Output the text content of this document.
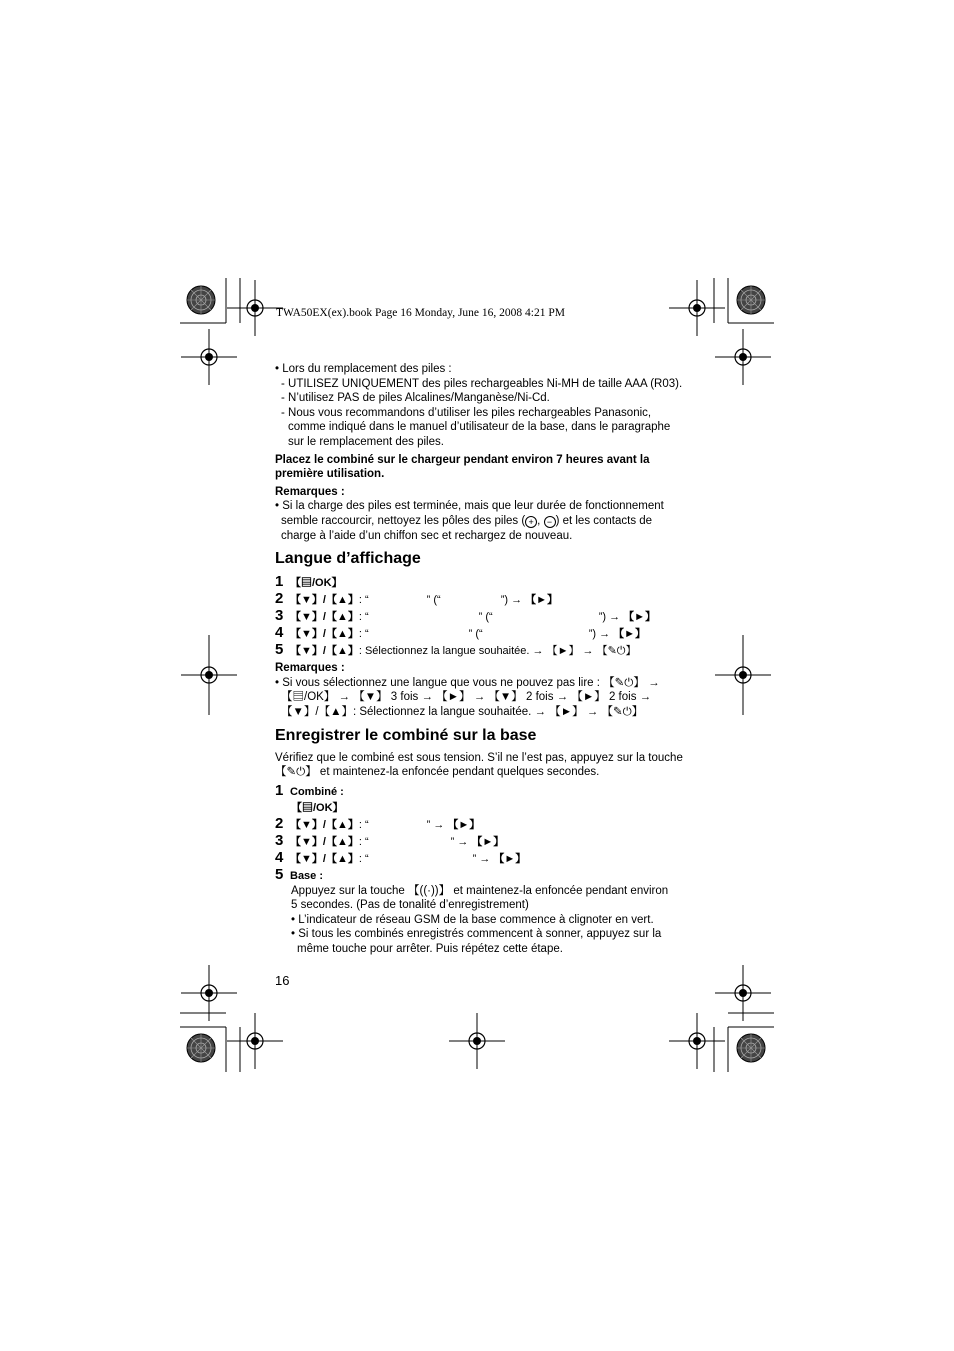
TWA50EX(ex).book Page 16 Monday, June 16, 2008 4:21 PM
• Lors du remplacement des piles :
- UTILISEZ UNIQUEMENT des piles rechargeables Ni-MH de taille AAA (R03).
- N’utilisez PAS de piles Alcalines/Manganèse/Ni-Cd.
- Nous vous recommandons d’utiliser les piles rechargeables Panasonic,
comme indiqué dans le manuel d’utilisateur de la base, dans le paragraphe
sur le remplacement des piles.
Placez le combiné sur le chargeur pendant environ 7 heures avant la
première utilisation.
Remarques :
• Si la charge des piles est terminée, mais que leur durée de fonctionnement
semble raccourcir, nettoyez les pôles des piles ( + , − ) et les contacts de
charge à l’aide d’un chiffon sec et rechargez de nouveau.
Langue d’affichage
1 【▤/OK】
2 【▼】/【▲】: “	” (“	”) → 【►】
3 【▼】/【▲】: “	” (“	”) → 【►】
4 【▼】/【▲】: “	” (“	”) → 【►】
5 【▼】/【▲】: Sélectionnez la langue souhaitée. → 【►】 → 【✎⏻】
Remarques :
• Si vous sélectionnez une langue que vous ne pouvez pas lire : 【✎⏻】 →
【▤/OK】 → 【▼】 3 fois → 【►】 → 【▼】 2 fois → 【►】 2 fois →
【▼】/【▲】: Sélectionnez la langue souhaitée. → 【►】 → 【✎⏻】
Enregistrer le combiné sur la base
Vérifiez que le combiné est sous tension. S’il ne l’est pas, appuyez sur la touche
【✎⏻】 et maintenez-la enfoncée pendant quelques secondes.
1 Combiné :
【▤/OK】
2 【▼】/【▲】: “	” → 【►】
3 【▼】/【▲】: “	” → 【►】
4 【▼】/【▲】: “	” → 【►】
5 Base :
Appuyez sur la touche 【((·))】 et maintenez-la enfoncée pendant environ
5 secondes. (Pas de tonalité d’enregistrement)
• L’indicateur de réseau GSM de la base commence à clignoter en vert.
• Si tous les combinés enregistrés commencent à sonner, appuyez sur la
même touche pour arrêter. Puis répétez cette étape.
16
